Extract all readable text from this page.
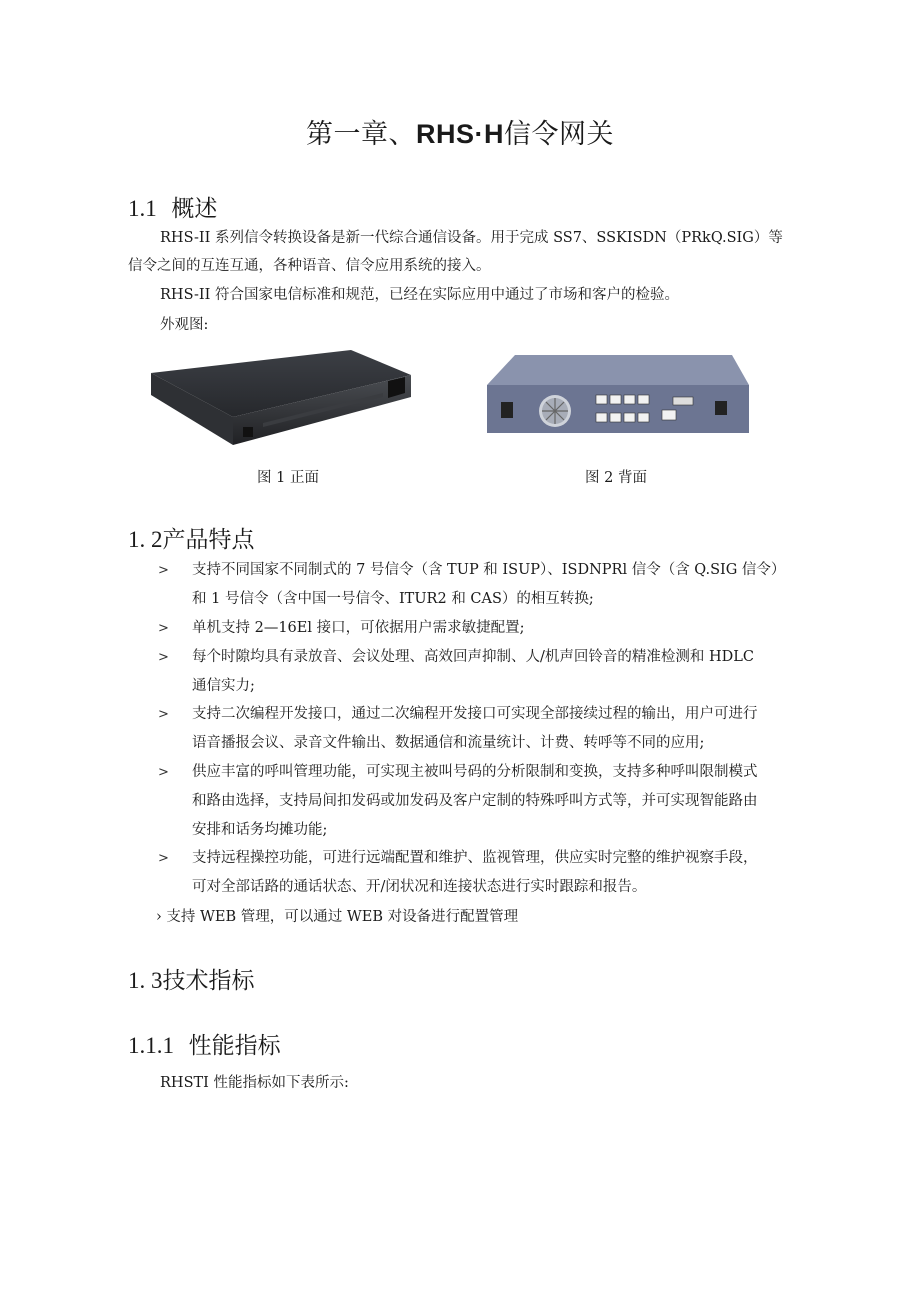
第一章、RHS·H信令网关
1.1 概述
RHS-II 系列信令转换设备是新一代综合通信设备。用于完成 SS7、SSKISDN（PRkQ.SIG）等
信令之间的互连互通，各种语音、信令应用系统的接入。
RHS-II 符合国家电信标准和规范，已经在实际应用中通过了市场和客户的检验。
外观图:
图 1 正面	图 2 背面
1. 2产品特点
>	支持不同国家不同制式的 7 号信令（含 TUP 和 ISUP）、ISDNPRl 信令（含 Q.SIG 信令）
和 1 号信令（含中国一号信令、ITUR2 和 CAS）的相互转换;
>	单机支持 2—16El 接口，可依据用户需求敏捷配置;
>	每个时隙均具有录放音、会议处理、高效回声抑制、人/机声回铃音的精准检测和 HDLC
通信实力;
>	支持二次编程开发接口，通过二次编程开发接口可实现全部接续过程的输出，用户可进行
语音播报会议、录音文件输出、数据通信和流量统计、计费、转呼等不同的应用;
>	供应丰富的呼叫管理功能，可实现主被叫号码的分析限制和变换，支持多种呼叫限制模式
和路由选择，支持局间扣发码或加发码及客户定制的特殊呼叫方式等，并可实现智能路由
安排和话务均摊功能;
>	支持远程操控功能，可进行远端配置和维护、监视管理，供应实时完整的维护视察手段，
可对全部话路的通话状态、开/闭状况和连接状态进行实时跟踪和报告。
› 支持 WEB 管理，可以通过 WEB 对设备进行配置管理
1. 3技术指标
1.1.1 性能指标
RHSTI 性能指标如下表所示:
